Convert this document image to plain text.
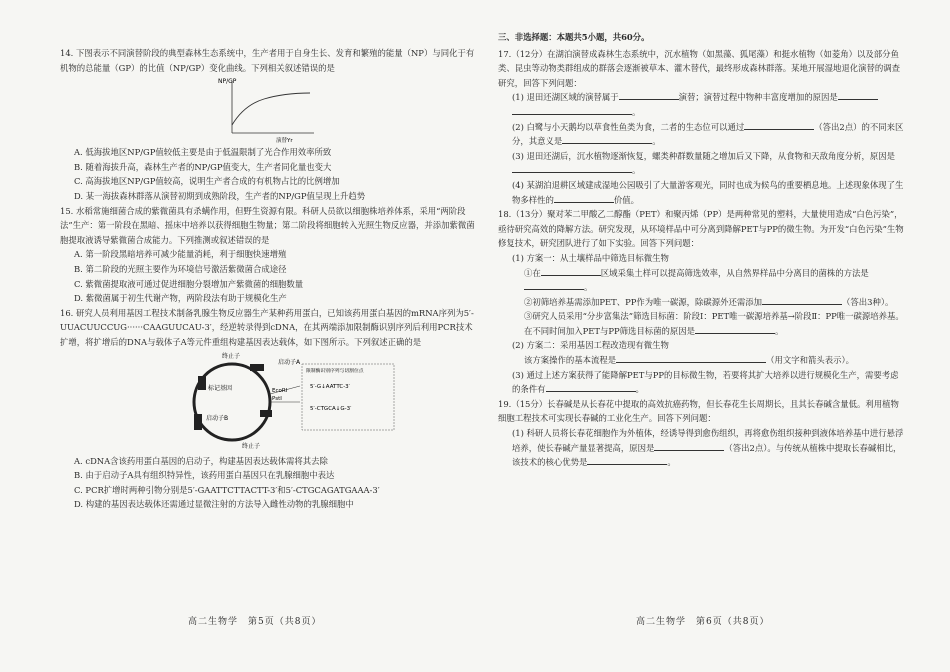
14. 下图表示不同演替阶段的典型森林生态系统中，生产者用于自身生长、发育和繁殖的能量（NP）与同化于有机物的总能量（GP）的比值（NP/GP）变化曲线。下列相关叙述错误的是

NP/GP
演替Yr

A. 低海拔地区NP/GP值较低主要是由于低温限制了光合作用效率所致

B. 随着海拔升高，森林生产者的NP/GP值变大，生产者同化量也变大

C. 高海拔地区NP/GP值较高，说明生产者合成的有机物占比的比例增加

D. 某一海拔森林群落从演替初期到成熟阶段，生产者的NP/GP值呈现上升趋势

15. 水稻常施细菌合成的紫微菌具有杀螨作用，但野生资源有限。科研人员欲以细胞株培养体系，采用“两阶段法”生产：第一阶段在黑暗、摇床中培养以获得细胞生物量；第二阶段将细胞转入光照生物反应器，并添加紫微菌胞提取液诱导紫微菌合成能力。下列推测或叙述错误的是

A. 第一阶段黑暗培养可减少能量消耗，利于细胞快速增殖

B. 第二阶段的光照主要作为环境信号激活紫微菌合成途径

C. 紫微菌提取液可通过促进细胞分裂增加产紫微菌的细胞数量

D. 紫微菌属于初生代谢产物，两阶段法有助于规模化生产

16. 研究人员利用基因工程技术制备乳腺生物反应器生产某种药用蛋白，已知该药用蛋白基因的mRNA序列为5′-UUACUUCCUG······CAAGUUCAU-3′，经逆转录得到cDNA，在其两端添加限制酶识别序列后利用PCR技术扩增，将扩增后的DNA与载体子A等元件重组构建基因表达载体，如下图所示。下列叙述正确的是

终止子
启动子A
标记基因
启动子B
EcoRⅠ
PstⅠ
终止子
限制酶识别序列与切割位点
5′-G↓AATTC-3′
5′-CTGCA↓G-3′

A. cDNA含该药用蛋白基因的启动子，构建基因表达载体需将其去除

B. 由于启动子A具有组织特异性，该药用蛋白基因只在乳腺细胞中表达

C. PCR扩增时两种引物分别是5′-GAATTCTTACTT-3′和5′-CTGCAGATGAAA-3′

D. 构建的基因表达载体还需通过显微注射的方法导入雌性动物的乳腺细胞中

高二生物学　第5页（共8页）

三、非选择题：本题共5小题，共60分。

17.（12分）在湖泊演替成森林生态系统中，沉水植物（如黑藻、狐尾藻）和挺水植物（如菱角）以及部分鱼类、昆虫等动物类群组成的群落会逐渐被草本、灌木替代，最终形成森林群落。某地开展湿地退化演替的调查研究，回答下列问题：

(1) 退田还湖区域的演替属于	演替；演替过程中物种丰富度增加的原因是
。

(2) 白鹭与小天鹅均以草食性鱼类为食，二者的生态位可以通过	（答出2点）的不同来区分，其意义是	。

(3) 退田还湖后，沉水植物逐渐恢复，螺类种群数量随之增加后又下降，从食物和天敌角度分析，原因是。

(4) 某湖泊退耕区域建成湿地公园吸引了大量游客观光，同时也成为候鸟的重要栖息地。上述现象体现了生物多样性的	价值。

18.（13分）聚对苯二甲酸乙二醇酯（PET）和聚丙烯（PP）是两种常见的塑料，大量使用造成“白色污染”，亟待研究高效的降解方法。研究发现，从环境样品中可分离到降解PET与PP的微生物。为开发“白色污染”生物修复技术，研究团队进行了如下实验。回答下列问题：

(1) 方案一：从土壤样品中筛选目标微生物

①在	区域采集土样可以提高筛选效率，从自然界样品中分离目的菌株的方法是。

②初筛培养基需添加PET、PP作为唯一碳源，除碳源外还需添加	（答出3种）。

③研究人员采用“分步富集法”筛选目标菌：阶段Ⅰ：PET唯一碳源培养基→阶段Ⅱ：PP唯一碳源培养基。在不同时间加入PET与PP筛选目标菌的原因是	。

(2) 方案二：采用基因工程改造现有微生物

该方案操作的基本流程是	（用文字和箭头表示）。

(3) 通过上述方案获得了能降解PET与PP的目标微生物，若要将其扩大培养以进行规模化生产，需要考虑的条件有	。

19.（15分）长春碱是从长春花中提取的高效抗癌药物，但长春花生长周期长，且其长春碱含量低。利用植物细胞工程技术可实现长春碱的工业化生产。回答下列问题：

(1) 科研人员将长春花细胞作为外植体，经诱导得到愈伤组织，再将愈伤组织接种到液体培养基中进行悬浮培养，使长春碱产量显著提高，原因是	（答出2点）。与传统从植株中提取长春碱相比，该技术的核心优势是	。

高二生物学　第6页（共8页）
